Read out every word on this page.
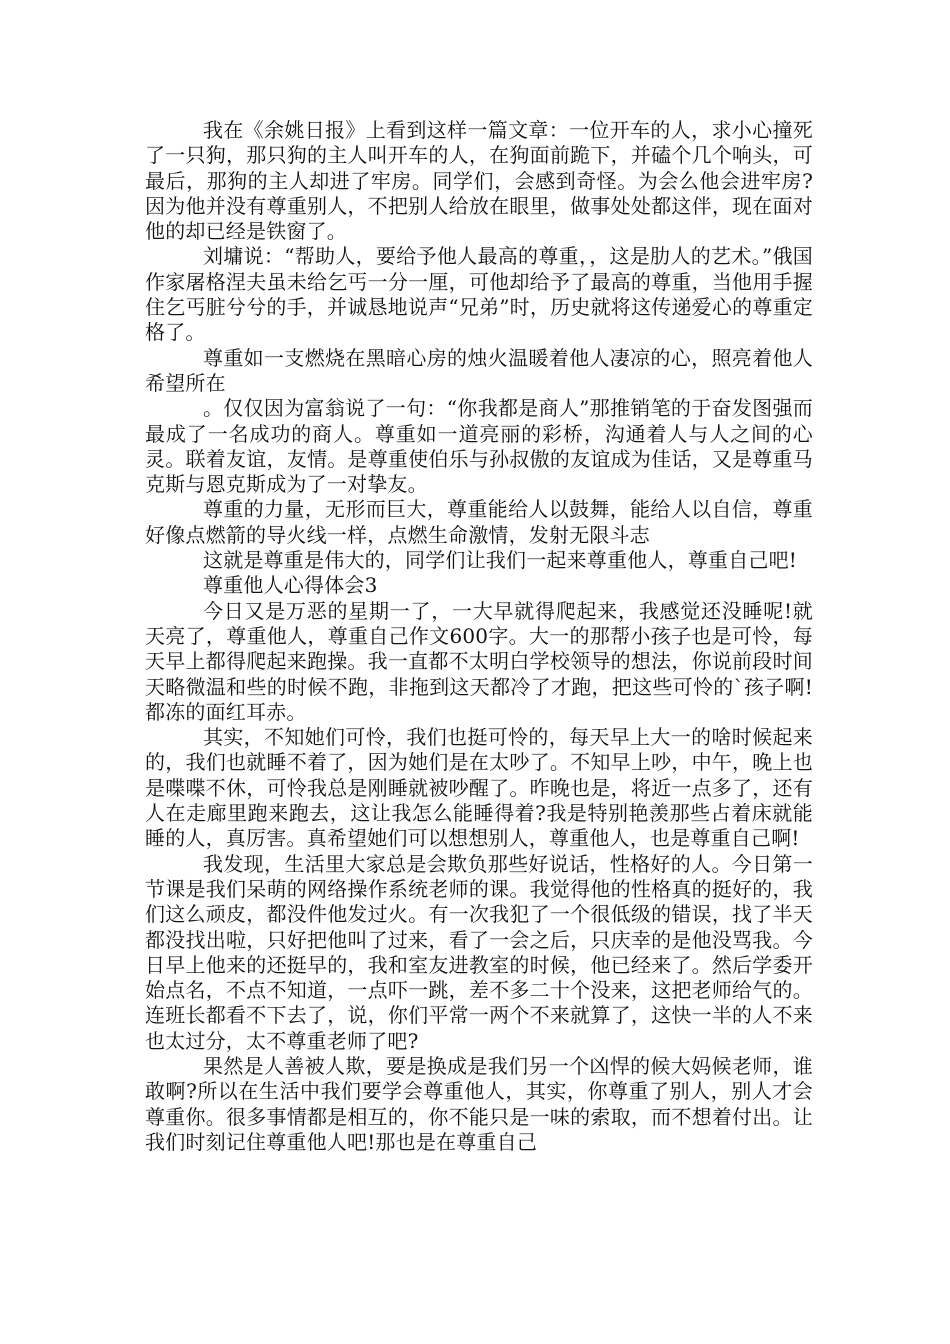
我在《余姚日报》上看到这样一篇文章：一位开车的人，求小心撞死了一只狗，那只狗的主人叫开车的人，在狗面前跪下，并磕个几个响头，可最后，那狗的主人却进了牢房。同学们，会感到奇怪。为会么他会进牢房?因为他并没有尊重别人，不把别人给放在眼里，做事处处都这伴，现在面对他的却已经是铁窗了。

刘墉说：“帮助人，要给予他人最高的尊重，，这是肋人的艺术。”俄国作家屠格涅夫虽未给乞丐一分一厘，可他却给予了最高的尊重，当他用手握住乞丐脏兮兮的手，并诚恳地说声“兄弟”时，历史就将这传递爱心的尊重定格了。

尊重如一支燃烧在黑暗心房的烛火温暖着他人凄凉的心，照亮着他人希望所在

。仅仅因为富翁说了一句：“你我都是商人”那推销笔的于奋发图强而最成了一名成功的商人。尊重如一道亮丽的彩桥，沟通着人与人之间的心灵。联着友谊，友情。是尊重使伯乐与孙叔傲的友谊成为佳话，又是尊重马克斯与恩克斯成为了一对挚友。

尊重的力量，无形而巨大，尊重能给人以鼓舞，能给人以自信，尊重好像点燃箭的导火线一样，点燃生命激情，发射无限斗志

这就是尊重是伟大的，同学们让我们一起来尊重他人，尊重自己吧!

尊重他人心得体会3

今日又是万恶的星期一了，一大早就得爬起来，我感觉还没睡呢!就天亮了，尊重他人，尊重自己作文600字。大一的那帮小孩子也是可怜，每天早上都得爬起来跑操。我一直都不太明白学校领导的想法，你说前段时间天略微温和些的时候不跑，非拖到这天都冷了才跑，把这些可怜的`孩子啊!都冻的面红耳赤。

其实，不知她们可怜，我们也挺可怜的，每天早上大一的啥时候起来的，我们也就睡不着了，因为她们是在太吵了。不知早上吵，中午，晚上也是喋喋不休，可怜我总是刚睡就被吵醒了。昨晚也是，将近一点多了，还有人在走廊里跑来跑去，这让我怎么能睡得着?我是特别艳羡那些占着床就能睡的人，真厉害。真希望她们可以想想别人，尊重他人，也是尊重自己啊!

我发现，生活里大家总是会欺负那些好说话，性格好的人。今日第一节课是我们呆萌的网络操作系统老师的课。我觉得他的性格真的挺好的，我们这么顽皮，都没件他发过火。有一次我犯了一个很低级的错误，找了半天都没找出啦，只好把他叫了过来，看了一会之后，只庆幸的是他没骂我。今日早上他来的还挺早的，我和室友进教室的时候，他已经来了。然后学委开始点名，不点不知道，一点吓一跳，差不多二十个没来，这把老师给气的。连班长都看不下去了，说，你们平常一两个不来就算了，这快一半的人不来也太过分，太不尊重老师了吧?

果然是人善被人欺，要是换成是我们另一个凶悍的候大妈候老师，谁敢啊?所以在生活中我们要学会尊重他人，其实，你尊重了别人，别人才会尊重你。很多事情都是相互的，你不能只是一味的索取，而不想着付出。让我们时刻记住尊重他人吧!那也是在尊重自己
